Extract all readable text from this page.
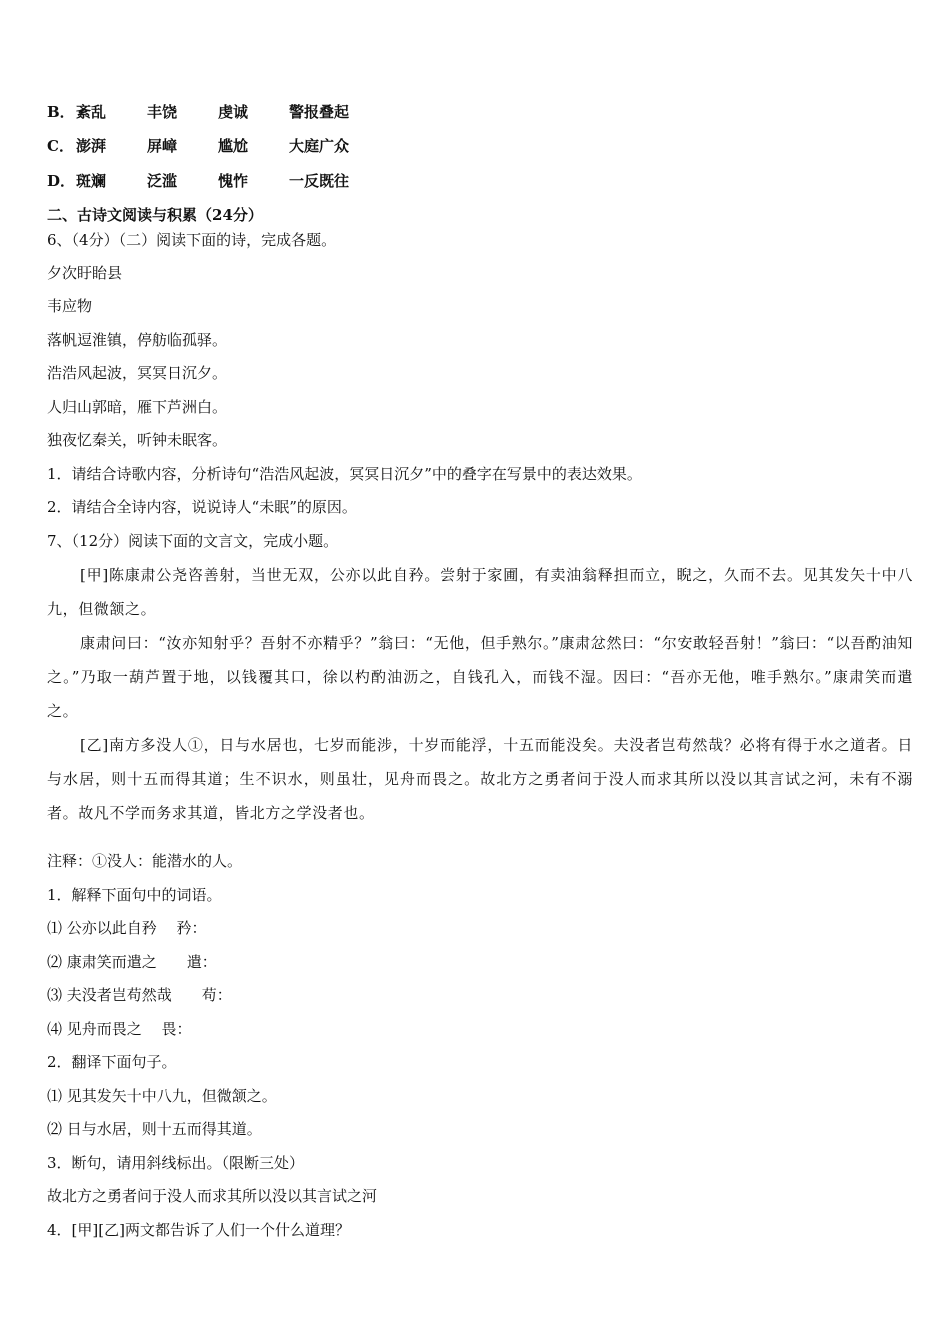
B．紊乱	丰饶	虔诚	警报叠起
C． 澎湃	屏嶂	尴尬	大庭广众
D．斑斓	泛滥	愧怍	一反既往
二、古诗文阅读与积累（24分）
6、（4分）（二）阅读下面的诗，完成各题。
夕次盱眙县
韦应物
落帆逗淮镇，停舫临孤驿。
浩浩风起波，冥冥日沉夕。
人归山郭暗，雁下芦洲白。
独夜忆秦关，听钟未眠客。
1．请结合诗歌内容，分析诗句“浩浩风起波，冥冥日沉夕”中的叠字在写景中的表达效果。
2．请结合全诗内容，说说诗人“未眠”的原因。
7、（12分）阅读下面的文言文，完成小题。

[甲]陈康肃公尧咨善射，当世无双，公亦以此自矜。尝射于家圃，有卖油翁释担而立，睨之，久而不去。见其发矢十中八九，但微颔之。

康肃问曰：“汝亦知射乎？吾射不亦精乎？”翁曰：“无他，但手熟尔。”康肃忿然曰：“尔安敢轻吾射！”翁曰：“以吾酌油知之。”乃取一葫芦置于地，以钱覆其口，徐以杓酌油沥之，自钱孔入，而钱不湿。因曰：“吾亦无他，唯手熟尔。”康肃笑而遣之。

[乙]南方多没人①，日与水居也，七岁而能涉，十岁而能浮，十五而能没矣。夫没者岂苟然哉？必将有得于水之道者。日与水居，则十五而得其道；生不识水，则虽壮，见舟而畏之。故北方之勇者问于没人而求其所以没以其言试之河，未有不溺者。故凡不学而务求其道，皆北方之学没者也。

注释：①没人：能潜水的人。
1．解释下面句中的词语。
⑴ 公亦以此自矜　 矜：
⑵ 康肃笑而遣之　　遣：
⑶ 夫没者岂苟然哉　　苟：
⑷ 见舟而畏之　 畏：
2．翻译下面句子。
⑴ 见其发矢十中八九，但微颔之。
⑵ 日与水居，则十五而得其道。
3．断句，请用斜线标出。（限断三处）
故北方之勇者问于没人而求其所以没以其言试之河
4．[甲][乙]两文都告诉了人们一个什么道理？
